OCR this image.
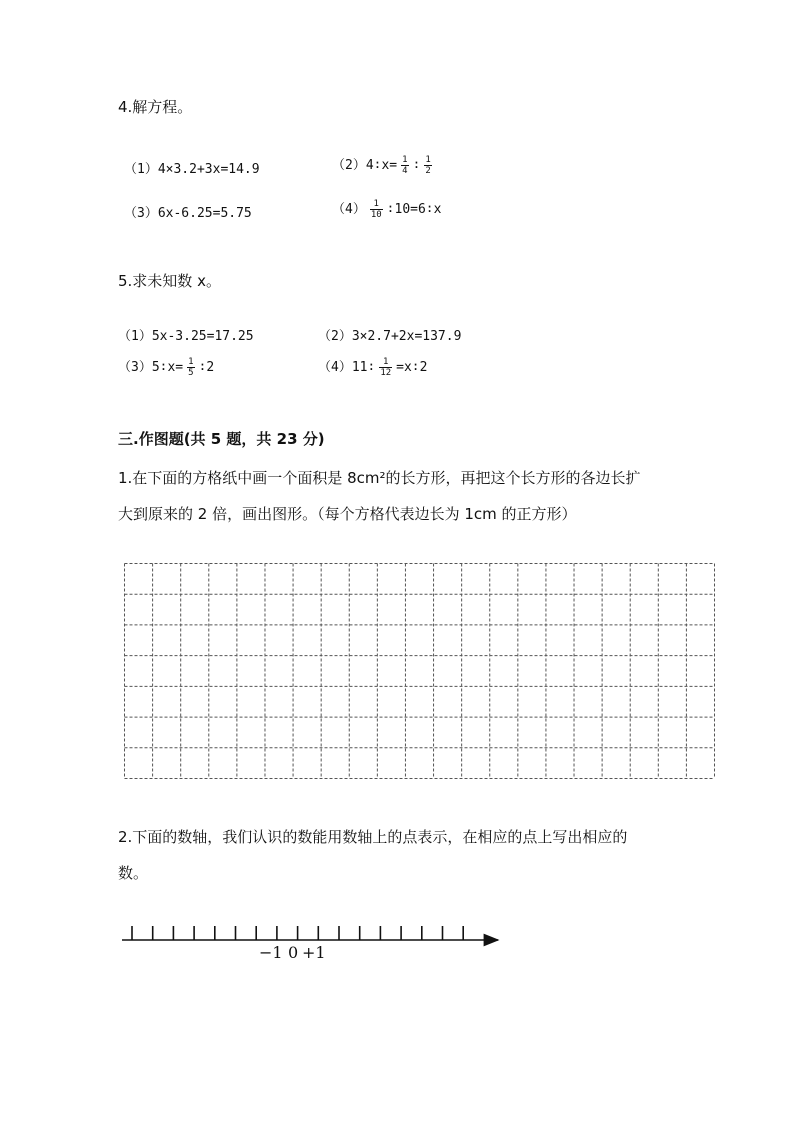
4.解方程。
（1）4×3.2+3x=14.9	（2）4∶x= $\frac{1}{4}$ ∶ $\frac{1}{2}$
（3）6x-6.25=5.75	$(4) \frac{1}{10}$ ∶10=6∶x
5.求未知数 x。
（1）5x-3.25=17.25	（2）3×2.7+2x=137.9
（3）5∶x= $\frac{1}{5}$ ∶2	（4）11∶ $\frac{1}{12}$ =x∶2
三.作图题(共 5 题，共 23 分)
1.在下面的方格纸中画一个面积是 8cm²的长方形，再把这个长方形的各边长扩
大到原来的 2 倍，画出图形。（每个方格代表边长为 1cm 的正方形）
2.下面的数轴，我们认识的数能用数轴上的点表示，在相应的点上写出相应的
数。
−1 0 +1
